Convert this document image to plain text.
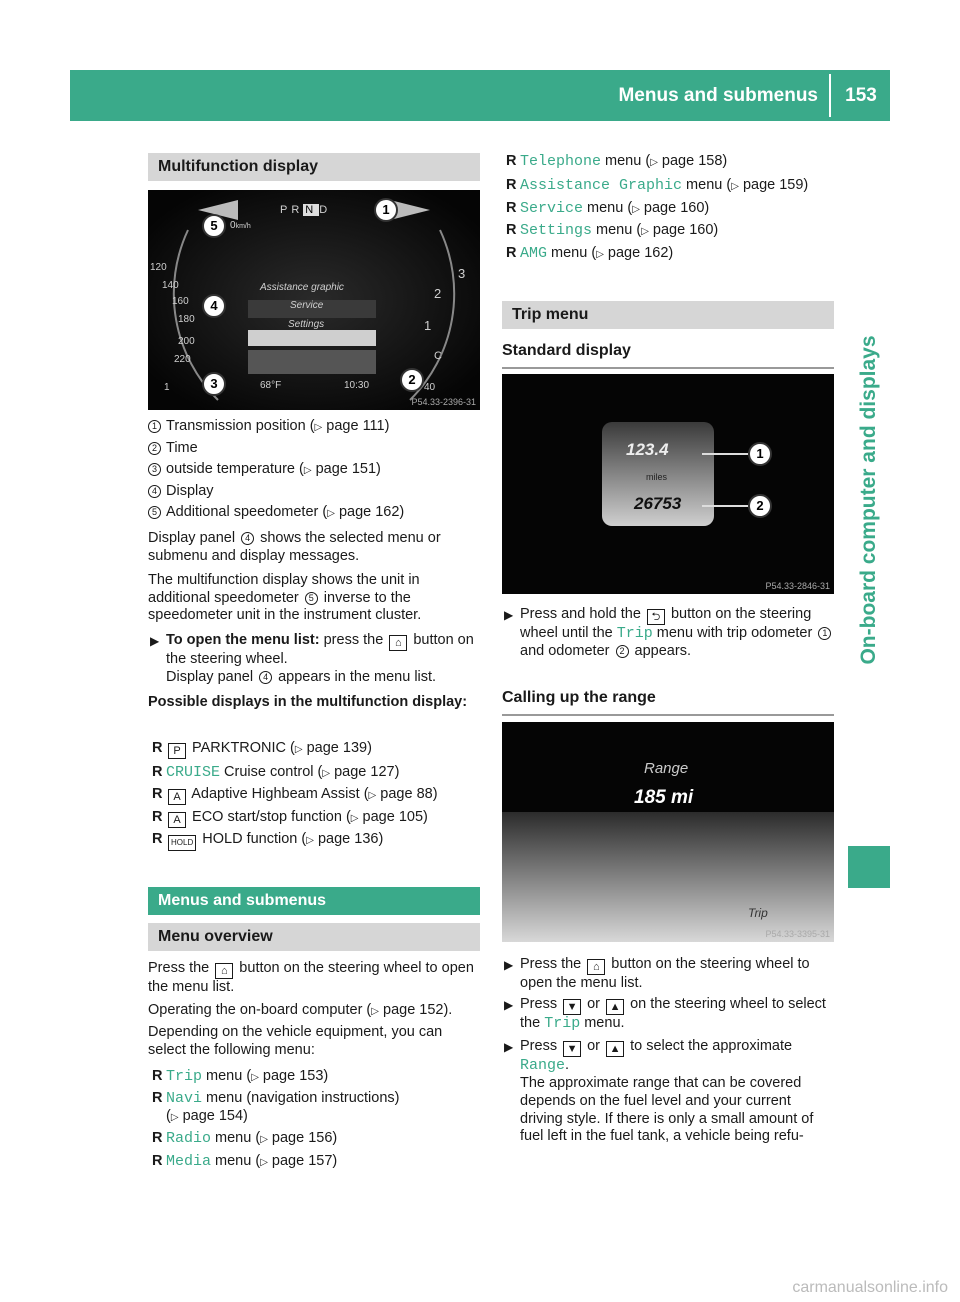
Menus and submenus	153
On-board computer and displays
Multifunction display
PR N D
0km/h
Assistance graphic
Service
Settings
68°F	10:30
120
140
160
180
200
220
1
3
2
1
C
40
1
2
3
4
5
P54.33-2396-31
1 Transmission position (▷ page 111)
2 Time
3 outside temperature (▷ page 151)
4 Display
5 Additional speedometer (▷ page 162)
Display panel 4 shows the selected menu or submenu and display messages.
The multifunction display shows the unit in additional speedometer 5 inverse to the speedometer unit in the instrument cluster.
▶ To open the menu list: press the ⌂ button on the steering wheel.
Display panel 4 appears in the menu list.
Possible displays in the multifunction display:
R P PARKTRONIC (▷ page 139)
R CRUISE Cruise control (▷ page 127)
R A Adaptive Highbeam Assist (▷ page 88)
R A ECO start/stop function (▷ page 105)
R HOLD HOLD function (▷ page 136)
Menus and submenus
Menu overview
Press the ⌂ button on the steering wheel to open the menu list.
Operating the on-board computer (▷ page 152).
Depending on the vehicle equipment, you can select the following menu:
R Trip menu (▷ page 153)
R Navi menu (navigation instructions)
(▷ page 154)
R Radio menu (▷ page 156)
R Media menu (▷ page 157)
R Telephone menu (▷ page 158)
R Assistance Graphic menu (▷ page 159)
R Service menu (▷ page 160)
R Settings menu (▷ page 160)
R AMG menu (▷ page 162)
Trip menu
Standard display
123.4
miles
26753
1
2
P54.33-2846-31
▶ Press and hold the ⮌ button on the steering wheel until the Trip menu with trip odometer 1 and odometer 2 appears.
Calling up the range
Range
185 mi
Trip
P54.33-3395-31
▶ Press the ⌂ button on the steering wheel to open the menu list.
▶ Press ▼ or ▲ on the steering wheel to select the Trip menu.
▶ Press ▼ or ▲ to select the approximate Range.
The approximate range that can be covered depends on the fuel level and your current driving style. If there is only a small amount of fuel left in the fuel tank, a vehicle being refu-
carmanualsonline.info
